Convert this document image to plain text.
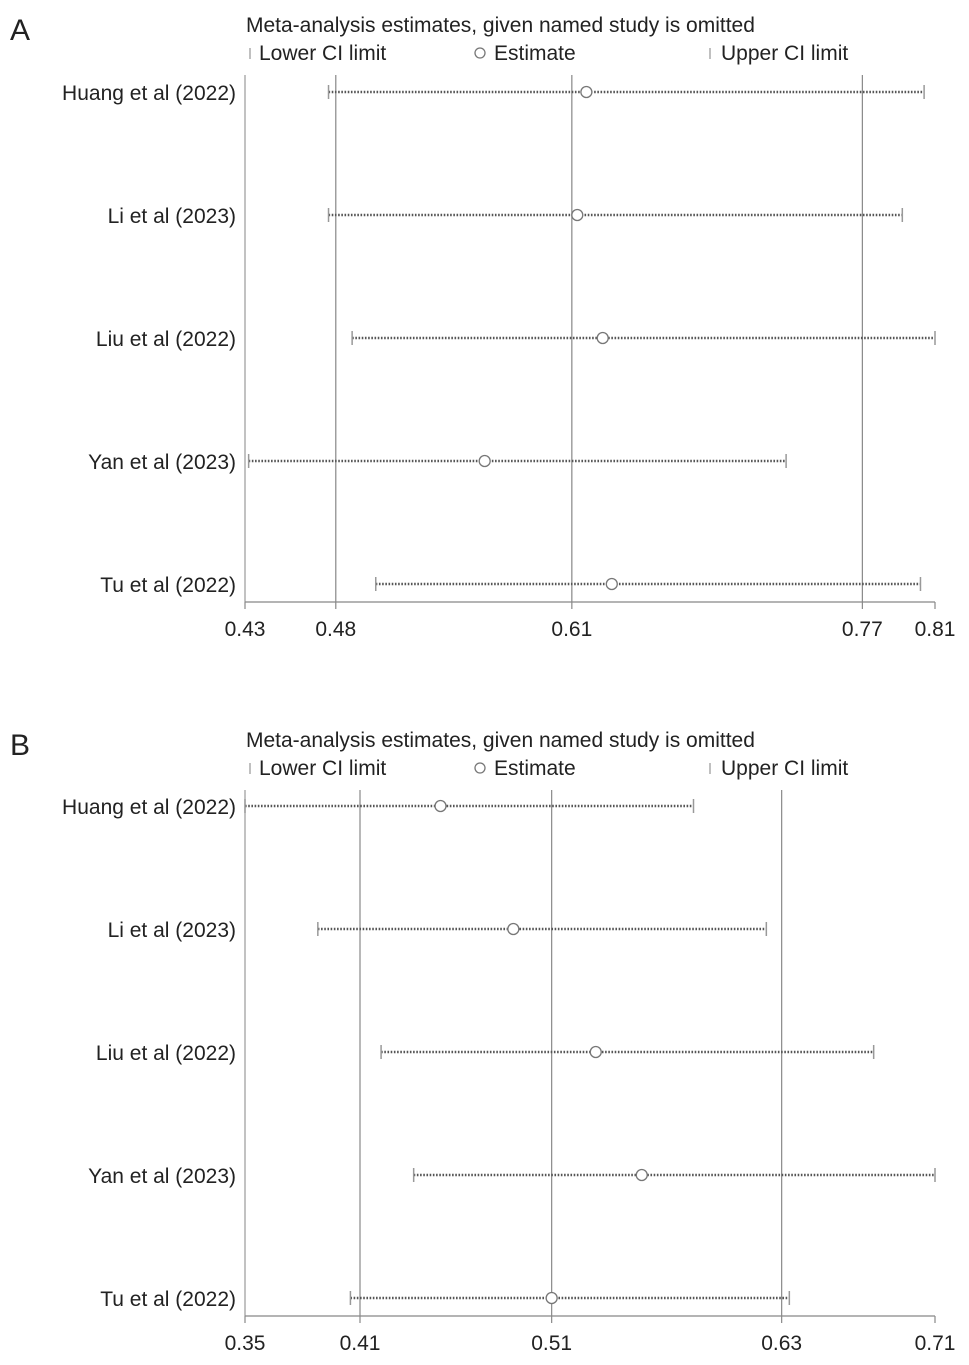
A	Meta-analysis estimates, given named study is omitted
Lower CI limit	Estimate	Upper CI limit
0.43 0.48	0.61	0.77 0.81
Huang et al (2022)
Li et al (2023)
Liu et al (2022)
Yan et al (2023)
Tu et al (2022)
B	Meta-analysis estimates, given named study is omitted
Lower CI limit	Estimate	Upper CI limit
0.35	0.41	0.51	0.63	0.71
Huang et al (2022)
Li et al (2023)
Liu et al (2022)
Yan et al (2023)
Tu et al (2022)
